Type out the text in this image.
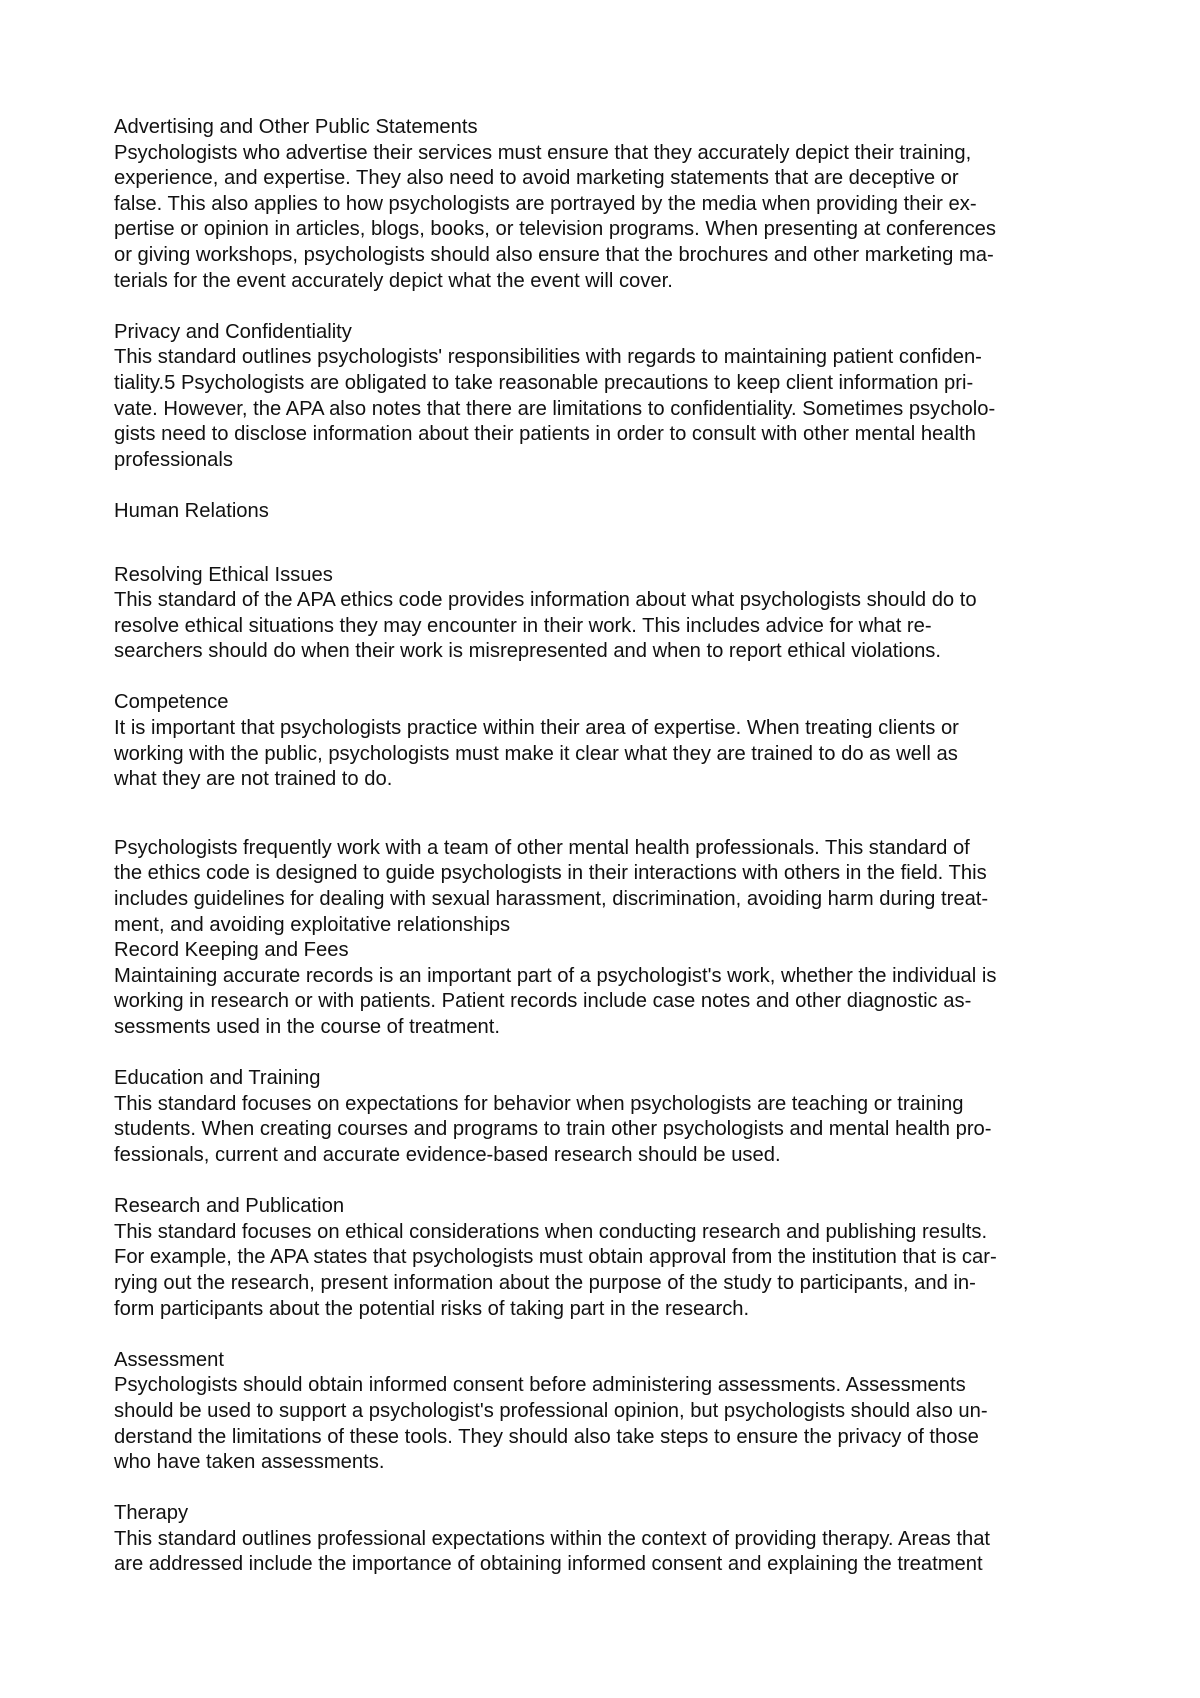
Advertising and Other Public Statements
Psychologists who advertise their services must ensure that they accurately depict their training,
experience, and expertise. They also need to avoid marketing statements that are deceptive or
false. This also applies to how psychologists are portrayed by the media when providing their ex-
pertise or opinion in articles, blogs, books, or television programs. When presenting at conferences
or giving workshops, psychologists should also ensure that the brochures and other marketing ma-
terials for the event accurately depict what the event will cover.
Privacy and Confidentiality
This standard outlines psychologists' responsibilities with regards to maintaining patient confiden-
tiality.5 Psychologists are obligated to take reasonable precautions to keep client information pri-
vate. However, the APA also notes that there are limitations to confidentiality. Sometimes psycholo-
gists need to disclose information about their patients in order to consult with other mental health
professionals
Human Relations
Resolving Ethical Issues
This standard of the APA ethics code provides information about what psychologists should do to
resolve ethical situations they may encounter in their work. This includes advice for what re-
searchers should do when their work is misrepresented and when to report ethical violations.
Competence
It is important that psychologists practice within their area of expertise. When treating clients or
working with the public, psychologists must make it clear what they are trained to do as well as
what they are not trained to do.
Psychologists frequently work with a team of other mental health professionals. This standard of
the ethics code is designed to guide psychologists in their interactions with others in the field. This
includes guidelines for dealing with sexual harassment, discrimination, avoiding harm during treat-
ment, and avoiding exploitative relationships
Record Keeping and Fees
Maintaining accurate records is an important part of a psychologist's work, whether the individual is
working in research or with patients. Patient records include case notes and other diagnostic as-
sessments used in the course of treatment.
Education and Training
This standard focuses on expectations for behavior when psychologists are teaching or training
students. When creating courses and programs to train other psychologists and mental health pro-
fessionals, current and accurate evidence-based research should be used.
Research and Publication
This standard focuses on ethical considerations when conducting research and publishing results.
For example, the APA states that psychologists must obtain approval from the institution that is car-
rying out the research, present information about the purpose of the study to participants, and in-
form participants about the potential risks of taking part in the research.
Assessment
Psychologists should obtain informed consent before administering assessments. Assessments
should be used to support a psychologist's professional opinion, but psychologists should also un-
derstand the limitations of these tools. They should also take steps to ensure the privacy of those
who have taken assessments.
Therapy
This standard outlines professional expectations within the context of providing therapy. Areas that
are addressed include the importance of obtaining informed consent and explaining the treatment
